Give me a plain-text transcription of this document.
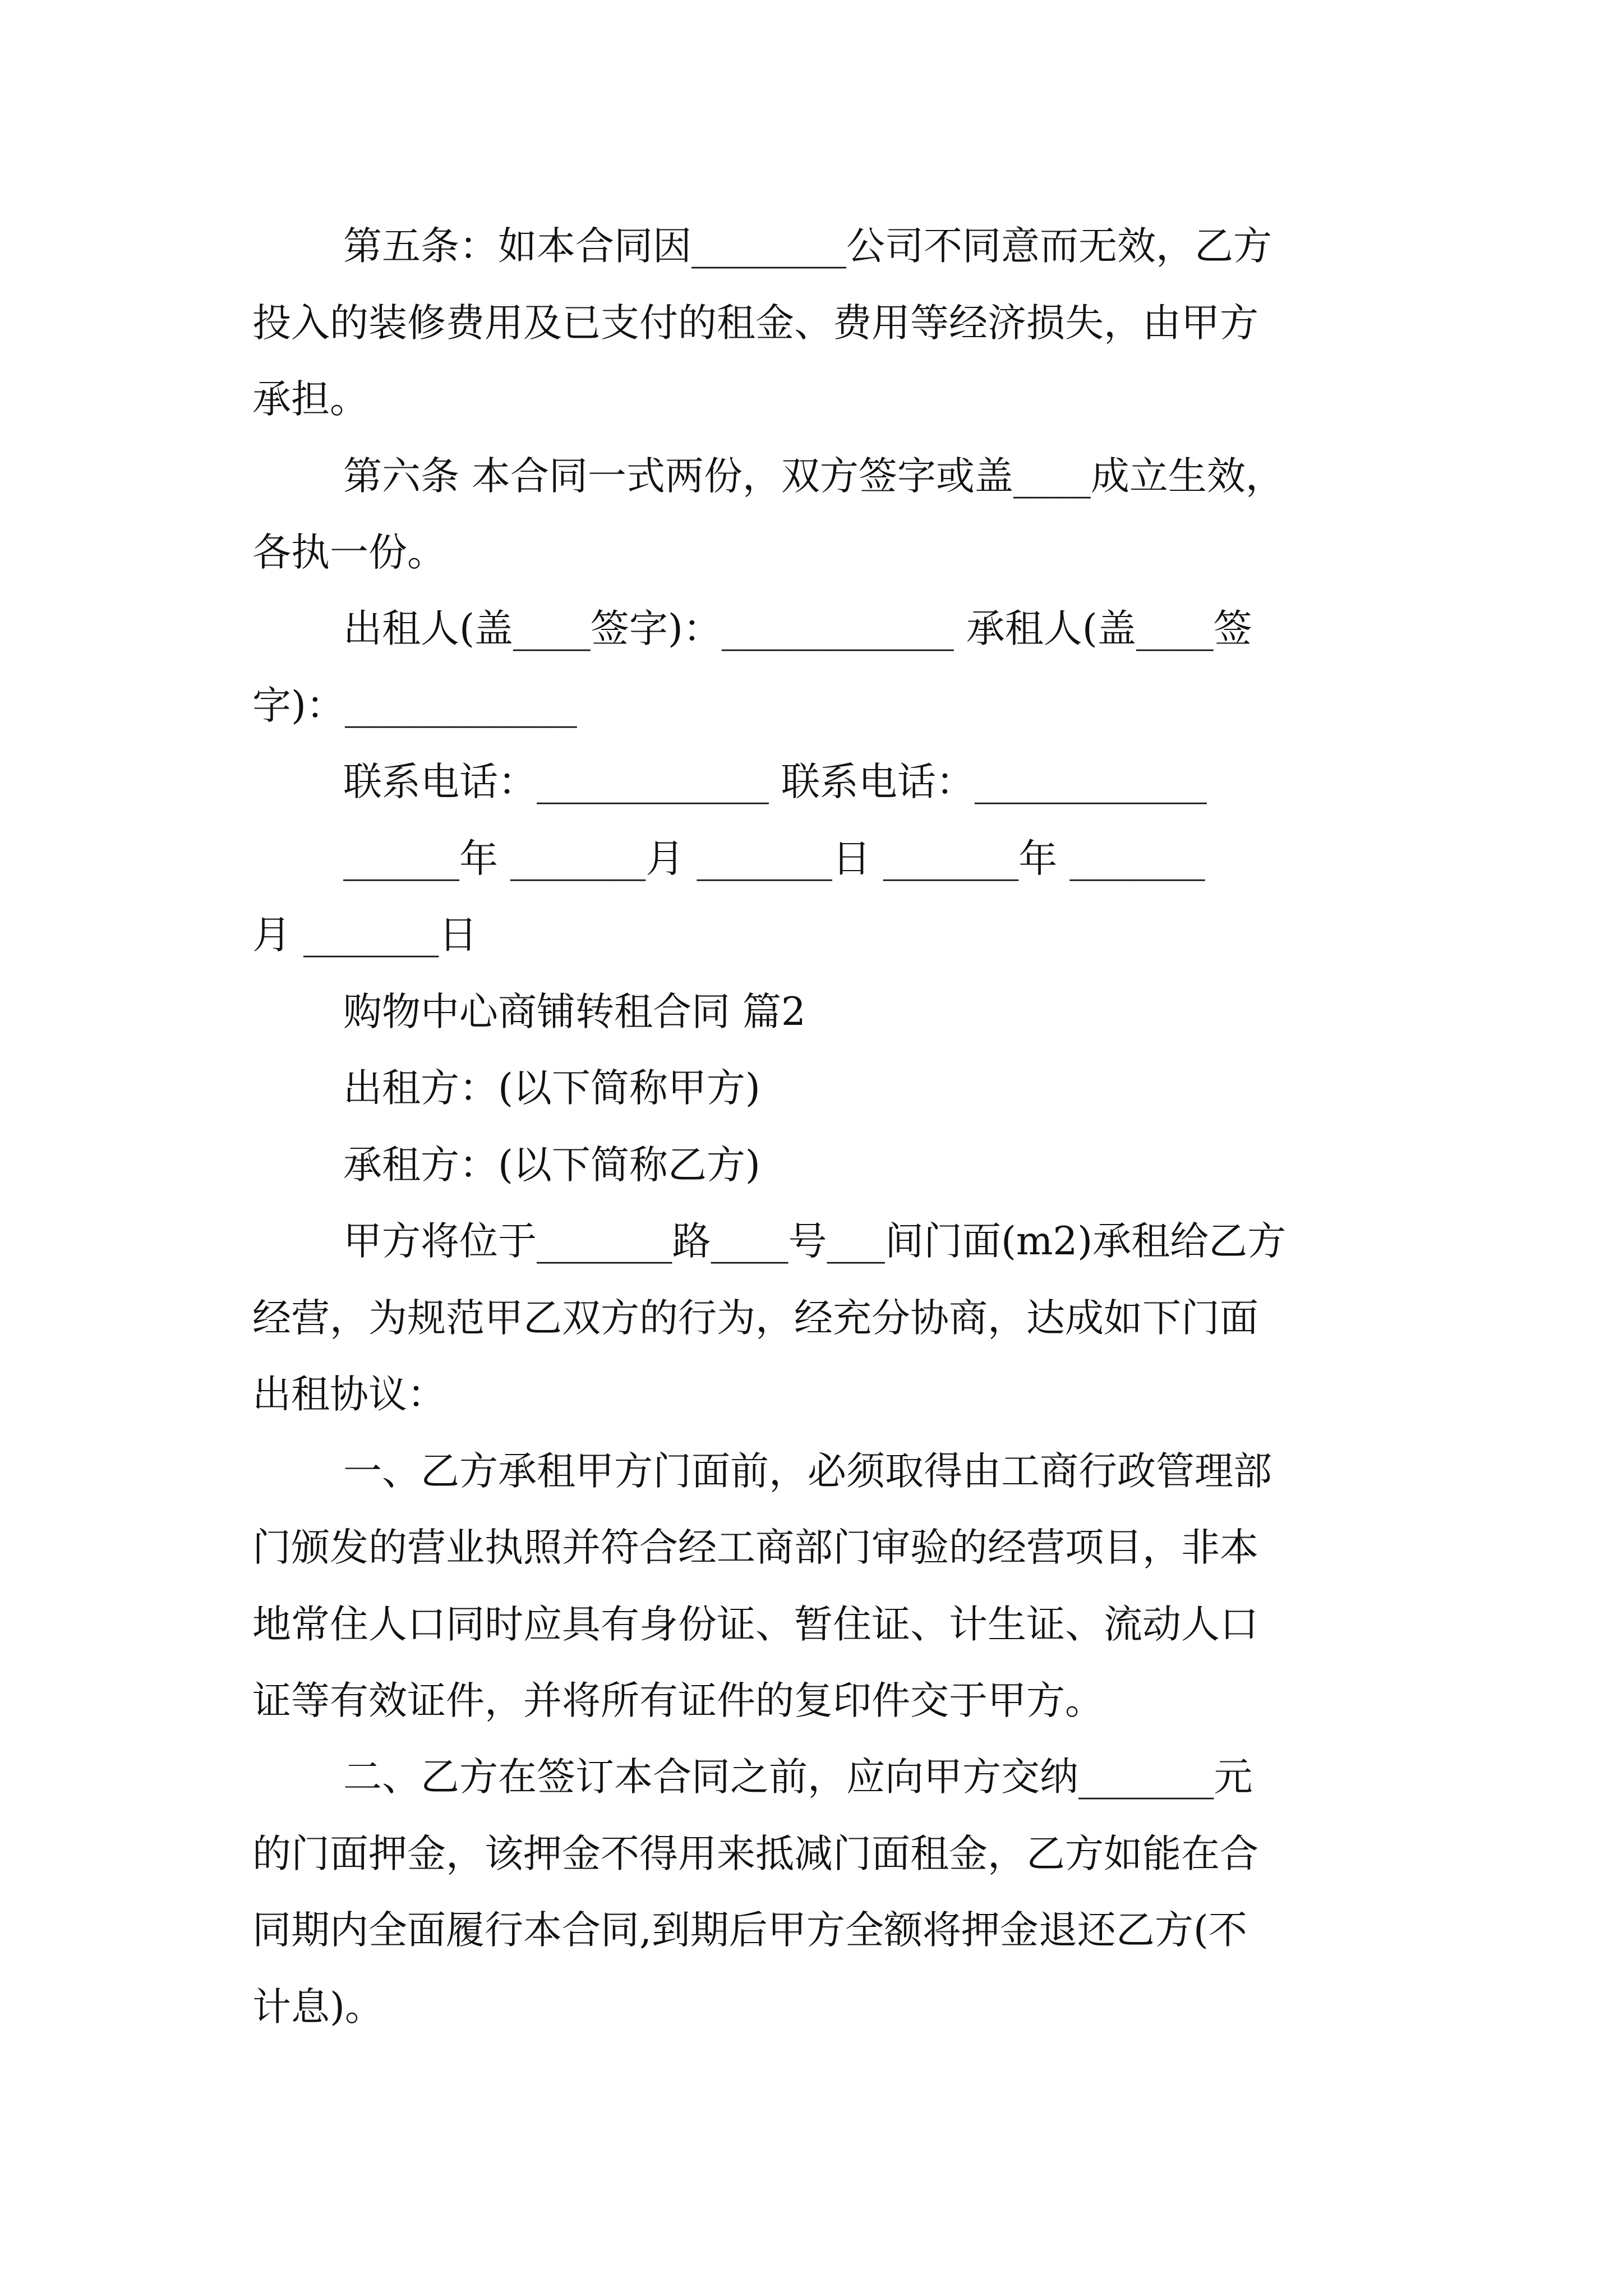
第五条：如本合同因________公司不同意而无效，乙方

投入的装修费用及已支付的租金、费用等经济损失，由甲方

承担。

第六条 本合同一式两份，双方签字或盖____成立生效，

各执一份。

出租人(盖____签字)：____________ 承租人(盖____签

字)：____________

联系电话：____________ 联系电话：____________

______年 _______月 _______日 _______年 _______

月 _______日

购物中心商铺转租合同 篇2

出租方：(以下简称甲方)

承租方：(以下简称乙方)

甲方将位于_______路____号___间门面(m2)承租给乙方

经营，为规范甲乙双方的行为，经充分协商，达成如下门面

出租协议：

一、乙方承租甲方门面前，必须取得由工商行政管理部

门颁发的营业执照并符合经工商部门审验的经营项目，非本

地常住人口同时应具有身份证、暂住证、计生证、流动人口

证等有效证件，并将所有证件的复印件交于甲方。

二、乙方在签订本合同之前，应向甲方交纳_______元

的门面押金，该押金不得用来抵减门面租金，乙方如能在合

同期内全面履行本合同,到期后甲方全额将押金退还乙方(不

计息)。
